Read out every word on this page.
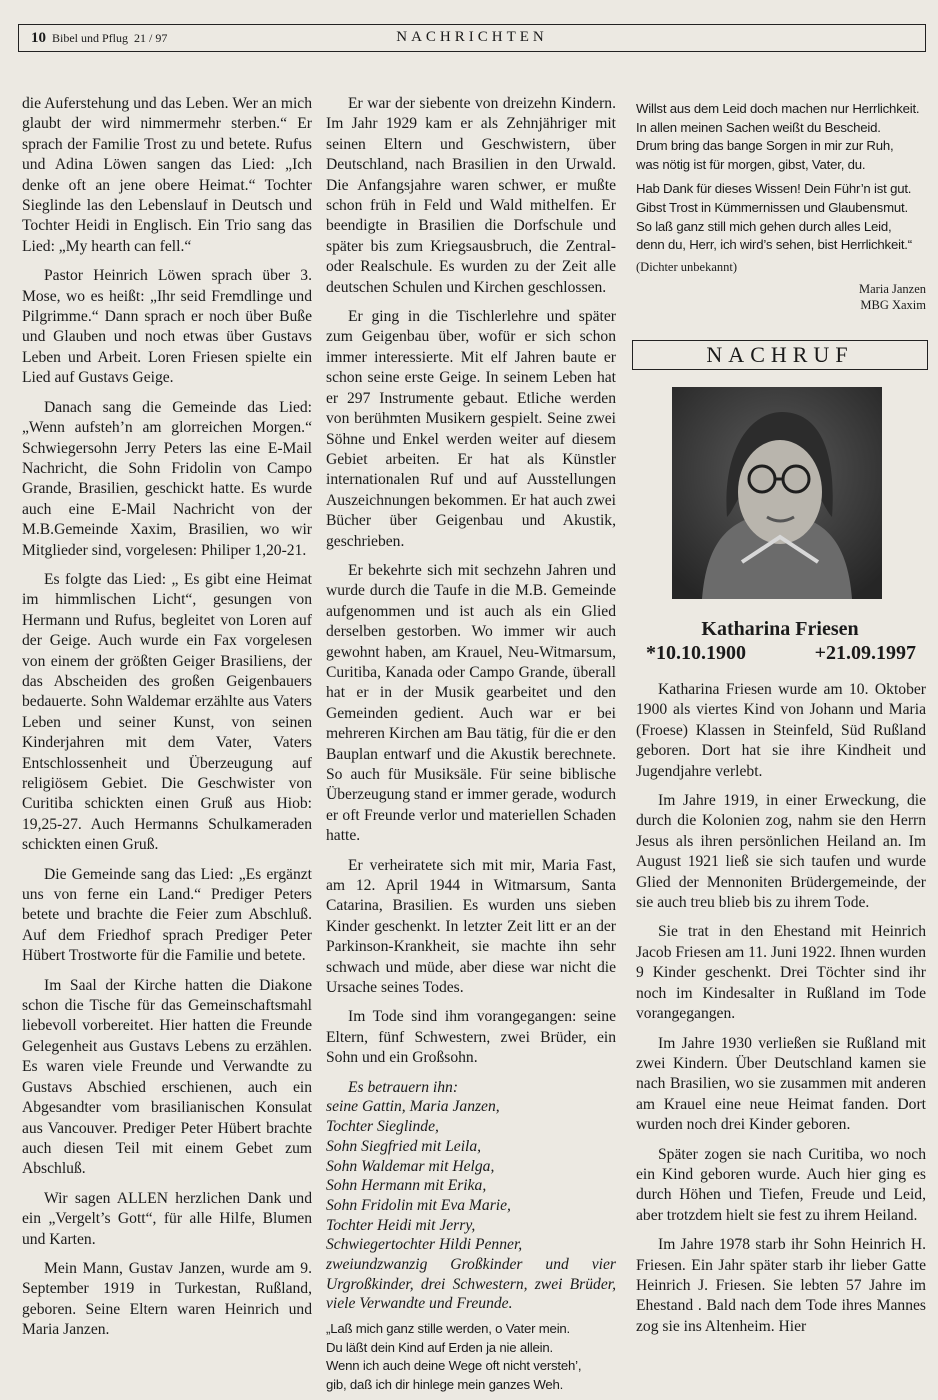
10 Bibel und Pflug 21 / 97	NACHRICHTEN

die Auferstehung und das Leben. Wer an mich glaubt der wird nimmermehr sterben.“ Er sprach der Familie Trost zu und betete. Rufus und Adina Löwen sangen das Lied: „Ich denke oft an jene obere Heimat.“ Tochter Sieglinde las den Lebenslauf in Deutsch und Tochter Heidi in Englisch. Ein Trio sang das Lied: „My hearth can fell.“

Pastor Heinrich Löwen sprach über 3. Mose, wo es heißt: „Ihr seid Fremdlinge und Pilgrimme.“ Dann sprach er noch über Buße und Glauben und noch etwas über Gustavs Leben und Arbeit. Loren Friesen spielte ein Lied auf Gustavs Geige.

Danach sang die Gemeinde das Lied: „Wenn aufsteh’n am glorreichen Morgen.“ Schwiegersohn Jerry Peters las eine E-Mail Nachricht, die Sohn Fridolin von Campo Grande, Brasilien, geschickt hatte. Es wurde auch eine E-Mail Nachricht von der M.B.Gemeinde Xaxim, Brasilien, wo wir Mitglieder sind, vorgelesen: Philiper 1,20-21.

Es folgte das Lied: „ Es gibt eine Heimat im himmlischen Licht“, gesungen von Hermann und Rufus, begleitet von Loren auf der Geige. Auch wurde ein Fax vorgelesen von einem der größten Geiger Brasiliens, der das Abscheiden des großen Geigenbauers bedauerte. Sohn Waldemar erzählte aus Vaters Leben und seiner Kunst, von seinen Kinderjahren mit dem Vater, Vaters Entschlossenheit und Überzeugung auf religiösem Gebiet. Die Geschwister von Curitiba schickten einen Gruß aus Hiob: 19,25-27. Auch Hermanns Schulkameraden schickten einen Gruß.

Die Gemeinde sang das Lied: „Es ergänzt uns von ferne ein Land.“ Prediger Peters betete und brachte die Feier zum Abschluß. Auf dem Friedhof sprach Prediger Peter Hübert Trostworte für die Familie und betete.

Im Saal der Kirche hatten die Diakone schon die Tische für das Gemeinschaftsmahl liebevoll vorbereitet. Hier hatten die Freunde Gelegenheit aus Gustavs Lebens zu erzählen. Es waren viele Freunde und Verwandte zu Gustavs Abschied erschienen, auch ein Abgesandter vom brasilianischen Konsulat aus Vancouver. Prediger Peter Hübert brachte auch diesen Teil mit einem Gebet zum Abschluß.

Wir sagen ALLEN herzlichen Dank und ein „Vergelt’s Gott“, für alle Hilfe, Blumen und Karten.

Mein Mann, Gustav Janzen, wurde am 9. September 1919 in Turkestan, Rußland, geboren. Seine Eltern waren Heinrich und Maria Janzen.

Er war der siebente von dreizehn Kindern. Im Jahr 1929 kam er als Zehnjähriger mit seinen Eltern und Geschwistern, über Deutschland, nach Brasilien in den Urwald. Die Anfangsjahre waren schwer, er mußte schon früh in Feld und Wald mithelfen. Er beendigte in Brasilien die Dorfschule und später bis zum Kriegsausbruch, die Zentral- oder Realschule. Es wurden zu der Zeit alle deutschen Schulen und Kirchen geschlossen.

Er ging in die Tischlerlehre und später zum Geigenbau über, wofür er sich schon immer interessierte. Mit elf Jahren baute er schon seine erste Geige. In seinem Leben hat er 297 Instrumente gebaut. Etliche werden von berühmten Musikern gespielt. Seine zwei Söhne und Enkel werden weiter auf diesem Gebiet arbeiten. Er hat als Künstler internationalen Ruf und auf Ausstellungen Auszeichnungen bekommen. Er hat auch zwei Bücher über Geigenbau und Akustik, geschrieben.

Er bekehrte sich mit sechzehn Jahren und wurde durch die Taufe in die M.B. Gemeinde aufgenommen und ist auch als ein Glied derselben gestorben. Wo immer wir auch gewohnt haben, am Krauel, Neu-Witmarsum, Curitiba, Kanada oder Campo Grande, überall hat er in der Musik gearbeitet und den Gemeinden gedient. Auch war er bei mehreren Kirchen am Bau tätig, für die er den Bauplan entwarf und die Akustik berechnete. So auch für Musiksäle. Für seine biblische Überzeugung stand er immer gerade, wodurch er oft Freunde verlor und materiellen Schaden hatte.

Er verheiratete sich mit mir, Maria Fast, am 12. April 1944 in Witmarsum, Santa Catarina, Brasilien. Es wurden uns sieben Kinder geschenkt. In letzter Zeit litt er an der Parkinson-Krankheit, sie machte ihn sehr schwach und müde, aber diese war nicht die Ursache seines Todes.

Im Tode sind ihm vorangegangen: seine Eltern, fünf Schwestern, zwei Brüder, ein Sohn und ein Großsohn.

Es betrauern ihn:
seine Gattin, Maria Janzen,
Tochter Sieglinde,
Sohn Siegfried mit Leila,
Sohn Waldemar mit Helga,
Sohn Hermann mit Erika,
Sohn Fridolin mit Eva Marie,
Tochter Heidi mit Jerry,
Schwiegertochter Hildi Penner,
zweiundzwanzig Großkinder und vier Urgroßkinder, drei Schwestern, zwei Brüder, viele Verwandte und Freunde.
„Laß mich ganz stille werden, o Vater mein.
Du läßt dein Kind auf Erden ja nie allein.
Wenn ich auch deine Wege oft nicht versteh’,
gib, daß ich dir hinlege mein ganzes Weh.
Willst aus dem Leid doch machen nur Herrlichkeit.
In allen meinen Sachen weißt du Bescheid.
Drum bring das bange Sorgen in mir zur Ruh,
was nötig ist für morgen, gibst, Vater, du.
Hab Dank für dieses Wissen! Dein Führ’n ist gut.
Gibst Trost in Kümmernissen und Glaubensmut.
So laß ganz still mich gehen durch alles Leid,
denn du, Herr, ich wird’s sehen, bist Herrlichkeit.“
(Dichter unbekannt)
Maria Janzen
MBG Xaxim
NACHRUF
Katharina Friesen
*10.10.1900	+21.09.1997

Katharina Friesen wurde am 10. Oktober 1900 als viertes Kind von Johann und Maria (Froese) Klassen in Steinfeld, Süd Rußland geboren. Dort hat sie ihre Kindheit und Jugendjahre verlebt.

Im Jahre 1919, in einer Erweckung, die durch die Kolonien zog, nahm sie den Herrn Jesus als ihren persönlichen Heiland an. Im August 1921 ließ sie sich taufen und wurde Glied der Mennoniten Brüdergemeinde, der sie auch treu blieb bis zu ihrem Tode.

Sie trat in den Ehestand mit Heinrich Jacob Friesen am 11. Juni 1922. Ihnen wurden 9 Kinder geschenkt. Drei Töchter sind ihr noch im Kindesalter in Rußland im Tode vorangegangen.

Im Jahre 1930 verließen sie Rußland mit zwei Kindern. Über Deutschland kamen sie nach Brasilien, wo sie zusammen mit anderen am Krauel eine neue Heimat fanden. Dort wurden noch drei Kinder geboren.

Später zogen sie nach Curitiba, wo noch ein Kind geboren wurde. Auch hier ging es durch Höhen und Tiefen, Freude und Leid, aber trotzdem hielt sie fest zu ihrem Heiland.

Im Jahre 1978 starb ihr Sohn Heinrich H. Friesen. Ein Jahr später starb ihr lieber Gatte Heinrich J. Friesen. Sie lebten 57 Jahre im Ehestand . Bald nach dem Tode ihres Mannes zog sie ins Altenheim. Hier
